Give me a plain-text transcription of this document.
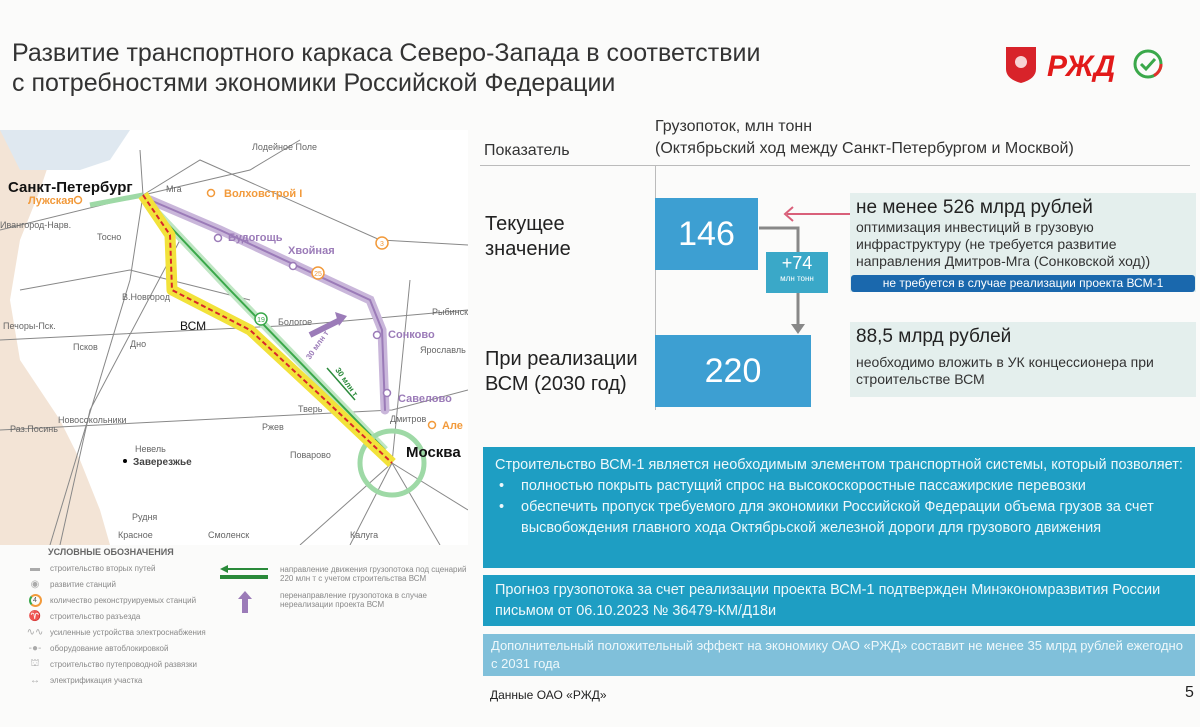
Развитие транспортного каркаса Северо-Запада в соответствии
с потребностями экономики Российской Федерации	РЖД
Лодейное Поле
Мга
Ивангород-Нарв.
Тосно
В.Новгород
Печоры-Пск.
Псков	Дно
Бологое
Рыбинск
Ярославль
Дмитров
Тверь
Ржев
Поварово
Новосокольники
Раз.Посинь
Невель
Рудня
Красное	Смоленск	Калуга
Заверезжье
Санкт-Петербург
Москва
ВСМ
Лужская
Волховстрой I
Але
Будогощь
Хвойная
Сонково
Савелово
3
25
19
30 млн т
30 млн т
УСЛОВНЫЕ ОБОЗНАЧЕНИЯ
▬	строительство вторых путей
◉	развитие станций
4	количество реконструируемых станций
♈	строительство разъезда
∿∿ усиленные устройства электроснабжения
-●-	оборудование автоблокировкой
⛫	строительство путепроводной развязки
↔	электрификация участка
направление движения грузопотока под сценарий 220 млн т с учетом строительства ВСМ
перенаправление грузопотока в случае нереализации проекта ВСМ
Показатель
Грузопоток, млн тонн
(Октябрьский ход между Санкт-Петербургом и Москвой)
Текущее
значение
При реализации
ВСМ (2030 год)
146
220
+74
млн тонн
не менее 526 млрд рублей
оптимизация инвестиций в грузовую инфраструктуру (не требуется развитие направления Дмитров-Мга (Сонковской ход))
не требуется в случае реализации проекта ВСМ-1
88,5 млрд рублей
необходимо вложить в УК концессионера при строительстве ВСМ
Строительство ВСМ-1 является необходимым элементом транспортной системы, который позволяет:
• полностью покрыть растущий спрос на высокоскоростные пассажирские перевозки
• обеспечить пропуск требуемого для экономики Российской Федерации объема грузов за счет высвобождения главного хода Октябрьской железной дороги для грузового движения
Прогноз грузопотока за счет реализации проекта ВСМ-1 подтвержден Минэкономразвития России письмом от 06.10.2023 № 36479-КМ/Д18и
Дополнительный положительный эффект на экономику ОАО «РЖД» составит не менее 35 млрд рублей ежегодно с 2031 года
Данные ОАО «РЖД»	5
